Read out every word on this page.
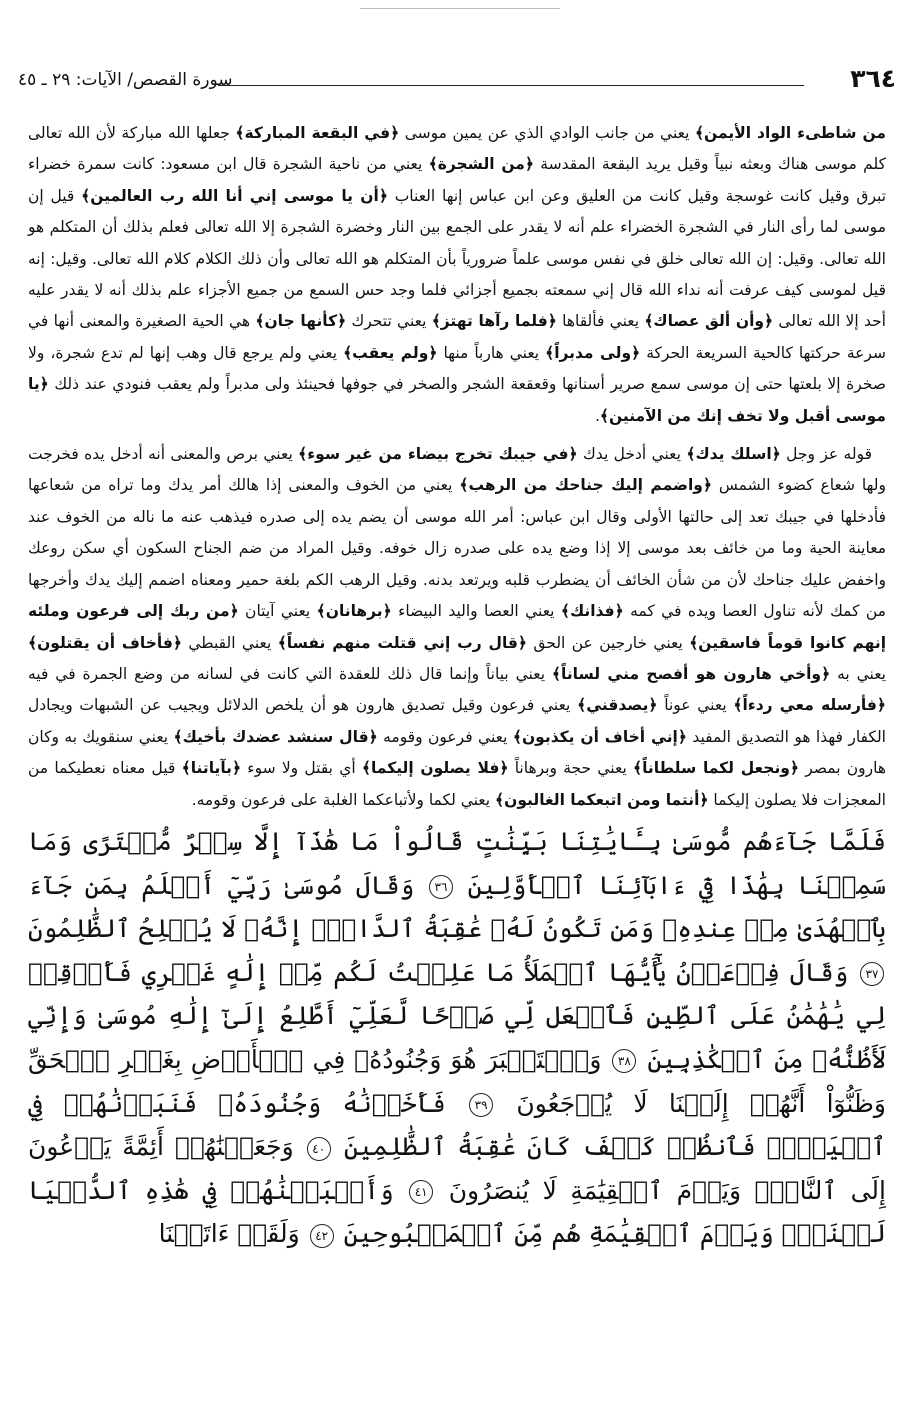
٣٦٤
سورة القصص/ الآيات: ٢٩ ـ ٤٥

من شاطىء الواد الأيمن﴾ يعني من جانب الوادي الذي عن يمين موسى ﴿في البقعة المباركة﴾ جعلها الله مباركة لأن الله تعالى كلم موسى هناك وبعثه نبياً وقيل يريد البقعة المقدسة ﴿من الشجرة﴾ يعني من ناحية الشجرة قال ابن مسعود: كانت سمرة خضراء تبرق وقيل كانت غوسجة وقيل كانت من العليق وعن ابن عباس إنها العناب ﴿أن يا موسى إني أنا الله رب العالمين﴾ قيل إن موسى لما رأى النار في الشجرة الخضراء علم أنه لا يقدر على الجمع بين النار وخضرة الشجرة إلا الله تعالى فعلم بذلك أن المتكلم هو الله تعالى. وقيل: إن الله تعالى خلق في نفس موسى علماً ضرورياً بأن المتكلم هو الله تعالى وأن ذلك الكلام كلام الله تعالى. وقيل: إنه قيل لموسى كيف عرفت أنه نداء الله قال إني سمعته بجميع أجزائي فلما وجد حس السمع من جميع الأجزاء علم بذلك أنه لا يقدر عليه أحد إلا الله تعالى ﴿وأن ألق عصاك﴾ يعني فألقاها ﴿فلما رآها تهتز﴾ يعني تتحرك ﴿كأنها جان﴾ هي الحية الصغيرة والمعنى أنها في سرعة حركتها كالحية السريعة الحركة ﴿ولى مدبراً﴾ يعني هارباً منها ﴿ولم يعقب﴾ يعني ولم يرجع قال وهب إنها لم تدع شجرة، ولا صخرة إلا بلعتها حتى إن موسى سمع صرير أسنانها وقعقعة الشجر والصخر في جوفها فحينئذ ولى مدبراً ولم يعقب فنودي عند ذلك ﴿يا موسى أقبل ولا تخف إنك من الآمنين﴾.

قوله عز وجل ﴿اسلك يدك﴾ يعني أدخل يدك ﴿في جيبك تخرج بيضاء من غير سوء﴾ يعني برص والمعنى أنه أدخل يده فخرجت ولها شعاع كضوء الشمس ﴿واضمم إليك جناحك من الرهب﴾ يعني من الخوف والمعنى إذا هالك أمر يدك وما تراه من شعاعها فأدخلها في جيبك تعد إلى حالتها الأولى وقال ابن عباس: أمر الله موسى أن يضم يده إلى صدره فيذهب عنه ما ناله من الخوف عند معاينة الحية وما من خائف بعد موسى إلا إذا وضع يده على صدره زال خوفه. وقيل المراد من ضم الجناح السكون أي سكن روعك واخفض عليك جناحك لأن من شأن الخائف أن يضطرب قلبه ويرتعد بدنه. وقيل الرهب الكم بلغة حمير ومعناه اضمم إليك يدك وأخرجها من كمك لأنه تناول العصا ويده في كمه ﴿فذانك﴾ يعني العصا واليد البيضاء ﴿برهانان﴾ يعني آيتان ﴿من ربك إلى فرعون وملئه إنهم كانوا قوماً فاسقين﴾ يعني خارجين عن الحق ﴿قال رب إني قتلت منهم نفساً﴾ يعني القبطي ﴿فأخاف أن يقتلون﴾ يعني به ﴿وأخي هارون هو أفصح مني لساناً﴾ يعني بياناً وإنما قال ذلك للعقدة التي كانت في لسانه من وضع الجمرة في فيه ﴿فأرسله معي ردءاً﴾ يعني عوناً ﴿يصدقني﴾ يعني فرعون وقيل تصديق هارون هو أن يلخص الدلائل ويجيب عن الشبهات ويجادل الكفار فهذا هو التصديق المفيد ﴿إني أخاف أن يكذبون﴾ يعني فرعون وقومه ﴿قال سنشد عضدك بأخيك﴾ يعني سنقويك به وكان هارون بمصر ﴿ونجعل لكما سلطاناً﴾ يعني حجة وبرهاناً ﴿فلا يصلون إليكما﴾ أي بقتل ولا سوء ﴿بآياتنا﴾ قيل معناه نعطيكما من المعجزات فلا يصلون إليكما ﴿أنتما ومن اتبعكما الغالبون﴾ يعني لكما ولأتباعكما الغلبة على فرعون وقومه.

فَلَمَّا جَآءَهُم مُّوسَىٰ بِـَٔايَٰتِنَا بَيِّنَٰتٍ قَالُواْ مَا هَٰذَآ إِلَّا سِحۡرٌ مُّفۡتَرًى وَمَا سَمِعۡنَا بِهَٰذَا فِيٓ ءَابَآئِنَا ٱلۡأَوَّلِينَ ٣٦ وَقَالَ مُوسَىٰ رَبِّيٓ أَعۡلَمُ بِمَن جَآءَ بِٱلۡهُدَىٰ مِنۡ عِندِهِۦ وَمَن تَكُونُ لَهُۥ عَٰقِبَةُ ٱلدَّارِۖ إِنَّهُۥ لَا يُفۡلِحُ ٱلظَّٰلِمُونَ ٣٧ وَقَالَ فِرۡعَوۡنُ يَٰٓأَيُّهَا ٱلۡمَلَأُ مَا عَلِمۡتُ لَكُم مِّنۡ إِلَٰهٍ غَيۡرِي فَأَوۡقِدۡ لِي يَٰهَٰمَٰنُ عَلَى ٱلطِّينِ فَٱجۡعَل لِّي صَرۡحًا لَّعَلِّيٓ أَطَّلِعُ إِلَىٰٓ إِلَٰهِ مُوسَىٰ وَإِنِّي لَأَظُنُّهُۥ مِنَ ٱلۡكَٰذِبِينَ ٣٨ وَٱسۡتَكۡبَرَ هُوَ وَجُنُودُهُۥ فِي ٱلۡأَرۡضِ بِغَيۡرِ ٱلۡحَقِّ وَظَنُّوٓاْ أَنَّهُمۡ إِلَيۡنَا لَا يُرۡجَعُونَ ٣٩ فَأَخَذۡنَٰهُ وَجُنُودَهُۥ فَنَبَذۡنَٰهُمۡ فِي ٱلۡيَمِّۖ فَٱنظُرۡ كَيۡفَ كَانَ عَٰقِبَةُ ٱلظَّٰلِمِينَ ٤٠ وَجَعَلۡنَٰهُمۡ أَئِمَّةً يَدۡعُونَ إِلَى ٱلنَّارِۖ وَيَوۡمَ ٱلۡقِيَٰمَةِ لَا يُنصَرُونَ ٤١ وَأَتۡبَعۡنَٰهُمۡ فِي هَٰذِهِ ٱلدُّنۡيَا لَعۡنَةًۖ وَيَوۡمَ ٱلۡقِيَٰمَةِ هُم مِّنَ ٱلۡمَقۡبُوحِينَ ٤٢ وَلَقَدۡ ءَاتَيۡنَا
